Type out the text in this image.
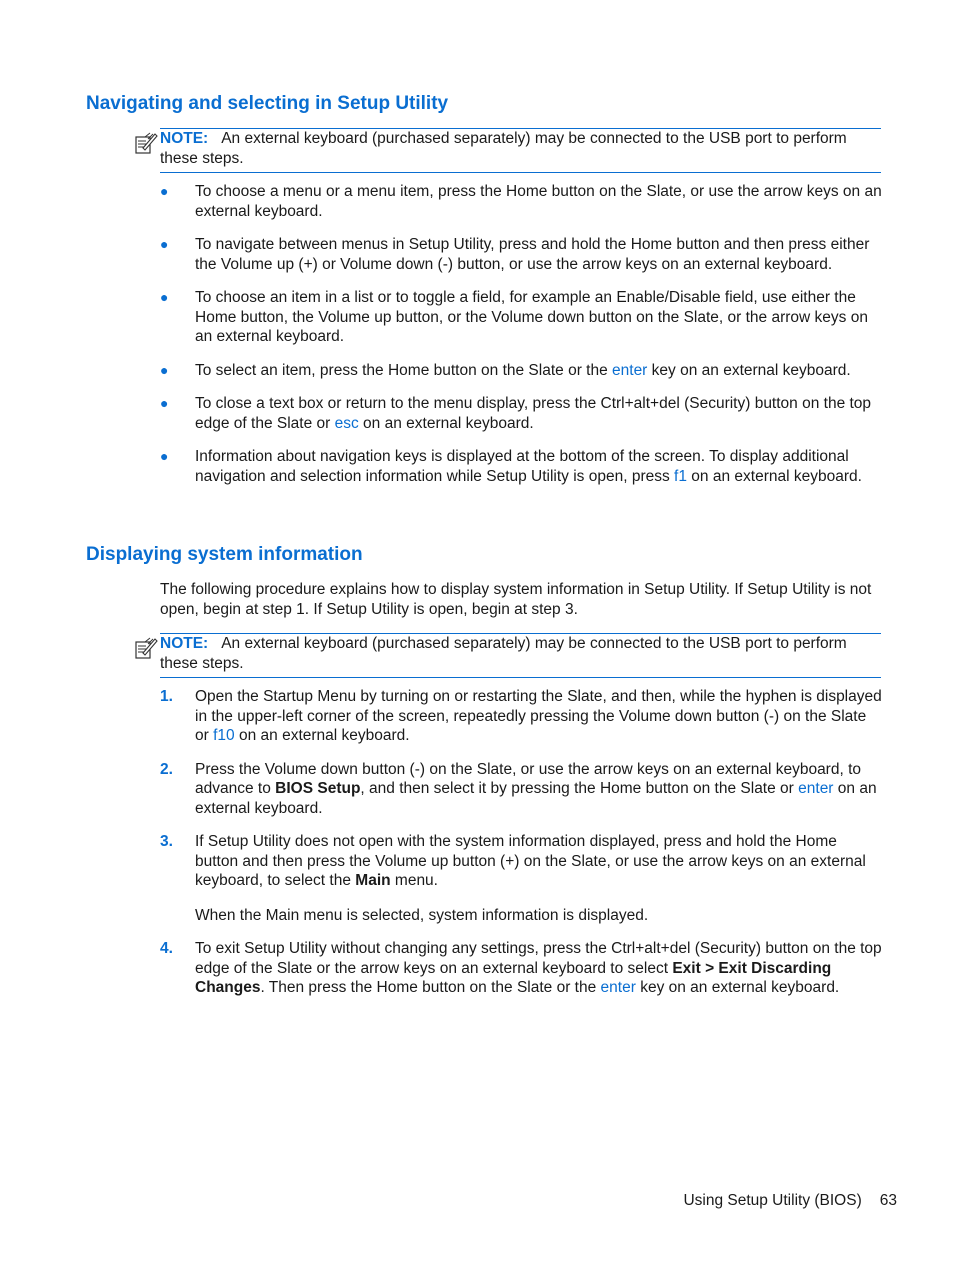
Navigating and selecting in Setup Utility
NOTE: An external keyboard (purchased separately) may be connected to the USB port to perform these steps.
● To choose a menu or a menu item, press the Home button on the Slate, or use the arrow keys on an external keyboard.
● To navigate between menus in Setup Utility, press and hold the Home button and then press either the Volume up (+) or Volume down (-) button, or use the arrow keys on an external keyboard.
● To choose an item in a list or to toggle a field, for example an Enable/Disable field, use either the Home button, the Volume up button, or the Volume down button on the Slate, or the arrow keys on an external keyboard.
● To select an item, press the Home button on the Slate or the enter key on an external keyboard.
● To close a text box or return to the menu display, press the Ctrl+alt+del (Security) button on the top edge of the Slate or esc on an external keyboard.
● Information about navigation keys is displayed at the bottom of the screen. To display additional navigation and selection information while Setup Utility is open, press f1 on an external keyboard.
Displaying system information

The following procedure explains how to display system information in Setup Utility. If Setup Utility is not open, begin at step 1. If Setup Utility is open, begin at step 3.

NOTE: An external keyboard (purchased separately) may be connected to the USB port to perform these steps.
1. Open the Startup Menu by turning on or restarting the Slate, and then, while the hyphen is displayed in the upper-left corner of the screen, repeatedly pressing the Volume down button (-) on the Slate or f10 on an external keyboard.
2. Press the Volume down button (-) on the Slate, or use the arrow keys on an external keyboard, to advance to BIOS Setup, and then select it by pressing the Home button on the Slate or enter on an external keyboard.
3. If Setup Utility does not open with the system information displayed, press and hold the Home button and then press the Volume up button (+) on the Slate, or use the arrow keys on an external keyboard, to select the Main menu.
When the Main menu is selected, system information is displayed.
4. To exit Setup Utility without changing any settings, press the Ctrl+alt+del (Security) button on the top edge of the Slate or the arrow keys on an external keyboard to select Exit > Exit Discarding Changes. Then press the Home button on the Slate or the enter key on an external keyboard.
Using Setup Utility (BIOS) 63
